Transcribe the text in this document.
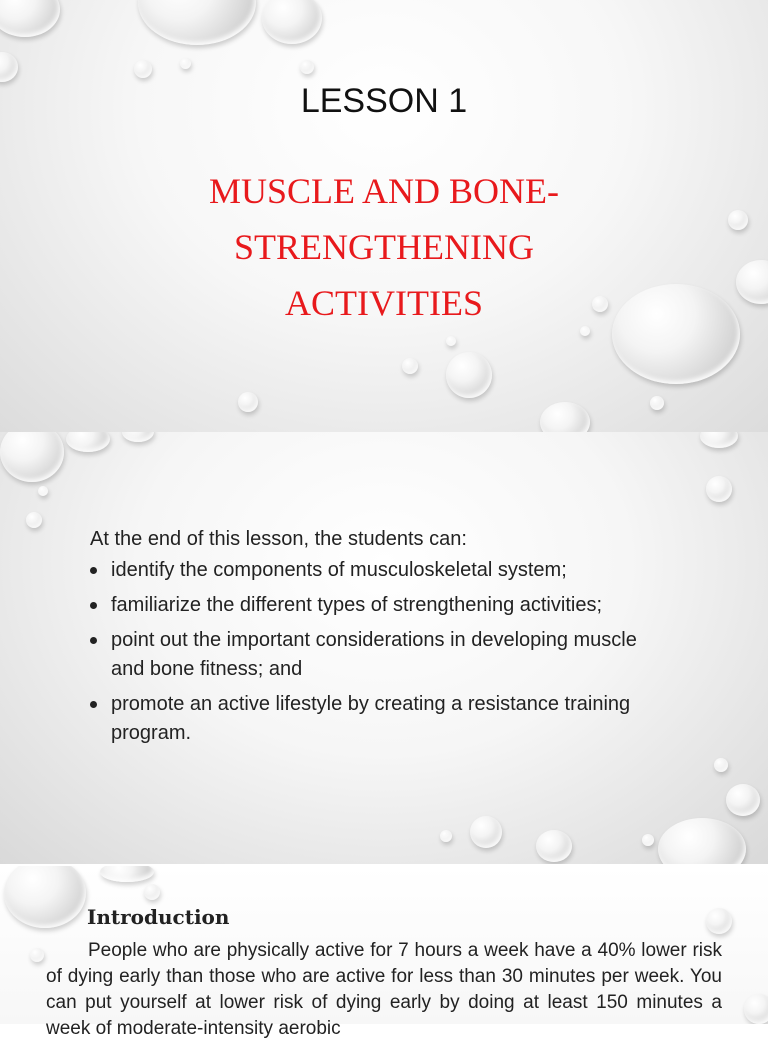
LESSON 1
MUSCLE AND BONE-
STRENGTHENING
ACTIVITIES
At the end of this lesson, the students can:
identify the components of musculoskeletal system;
familiarize the different types of strengthening activities;
point out the important considerations in developing muscle and bone fitness; and
promote an active lifestyle by creating a resistance training program.
Introduction
People who are physically active for 7 hours a week have a 40% lower risk of dying early than those who are active for less than 30 minutes per week. You can put yourself at lower risk of dying early by doing at least 150 minutes a week of moderate-intensity aerobic
